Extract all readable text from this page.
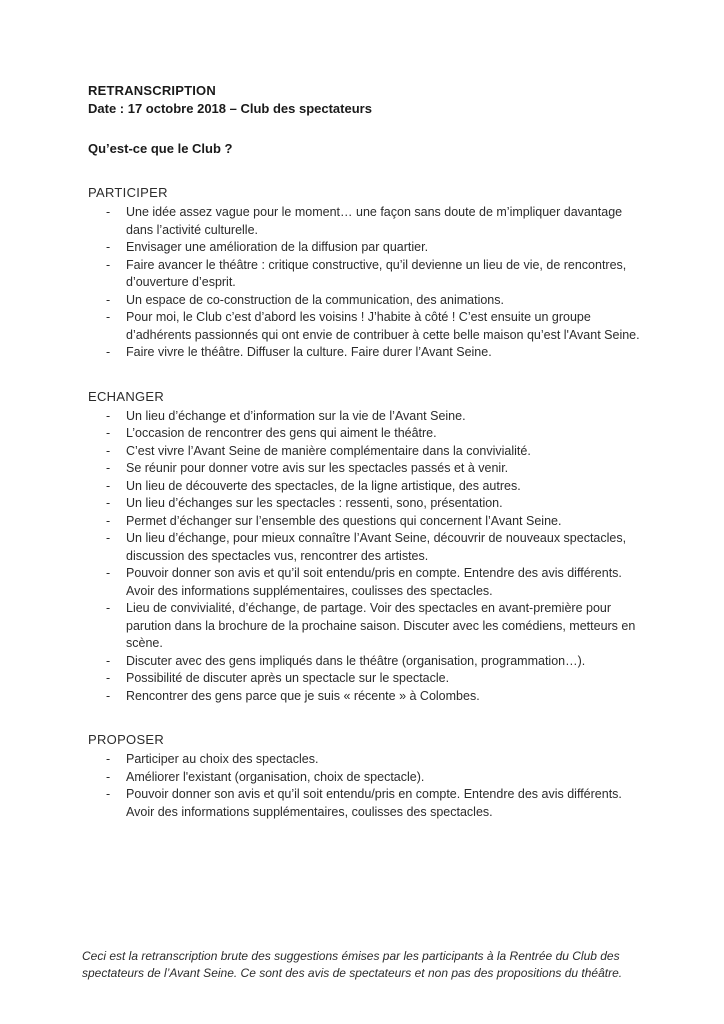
RETRANSCRIPTION
Date : 17 octobre 2018 – Club des spectateurs
Qu’est-ce que le Club ?
PARTICIPER
-	Une idée assez vague pour le moment… une façon sans doute de m’impliquer davantage dans l’activité culturelle.
-	Envisager une amélioration de la diffusion par quartier.
-	Faire avancer le théâtre : critique constructive, qu’il devienne un lieu de vie, de rencontres, d’ouverture d’esprit.
-	Un espace de co-construction de la communication, des animations.
-	Pour moi, le Club c’est d’abord les voisins ! J’habite à côté ! C’est ensuite un groupe d’adhérents passionnés qui ont envie de contribuer à cette belle maison qu’est l'Avant Seine.
-	Faire vivre le théâtre. Diffuser la culture. Faire durer l’Avant Seine.
ECHANGER
-	Un lieu d’échange et d’information sur la vie de l’Avant Seine.
-	L’occasion de rencontrer des gens qui aiment le théâtre.
-	C’est vivre l’Avant Seine de manière complémentaire dans la convivialité.
-	Se réunir pour donner votre avis sur les spectacles passés et à venir.
-	Un lieu de découverte des spectacles, de la ligne artistique, des autres.
-	Un lieu d’échanges sur les spectacles : ressenti, sono, présentation.
-	Permet d’échanger sur l’ensemble des questions qui concernent l’Avant Seine.
-	Un lieu d’échange, pour mieux connaître l’Avant Seine, découvrir de nouveaux spectacles, discussion des spectacles vus, rencontrer des artistes.
-	Pouvoir donner son avis et qu’il soit entendu/pris en compte. Entendre des avis différents. Avoir des informations supplémentaires, coulisses des spectacles.
-	Lieu de convivialité, d’échange, de partage. Voir des spectacles en avant-première pour parution dans la brochure de la prochaine saison. Discuter avec les comédiens, metteurs en scène.
-	Discuter avec des gens impliqués dans le théâtre (organisation, programmation…).
-	Possibilité de discuter après un spectacle sur le spectacle.
-	Rencontrer des gens parce que je suis « récente » à Colombes.
PROPOSER
-	Participer au choix des spectacles.
-	Améliorer l'existant (organisation, choix de spectacle).
-	Pouvoir donner son avis et qu’il soit entendu/pris en compte. Entendre des avis différents. Avoir des informations supplémentaires, coulisses des spectacles.
Ceci est la retranscription brute des suggestions émises par les participants à la Rentrée du Club des spectateurs de l’Avant Seine. Ce sont des avis de spectateurs et non pas des propositions du théâtre.
